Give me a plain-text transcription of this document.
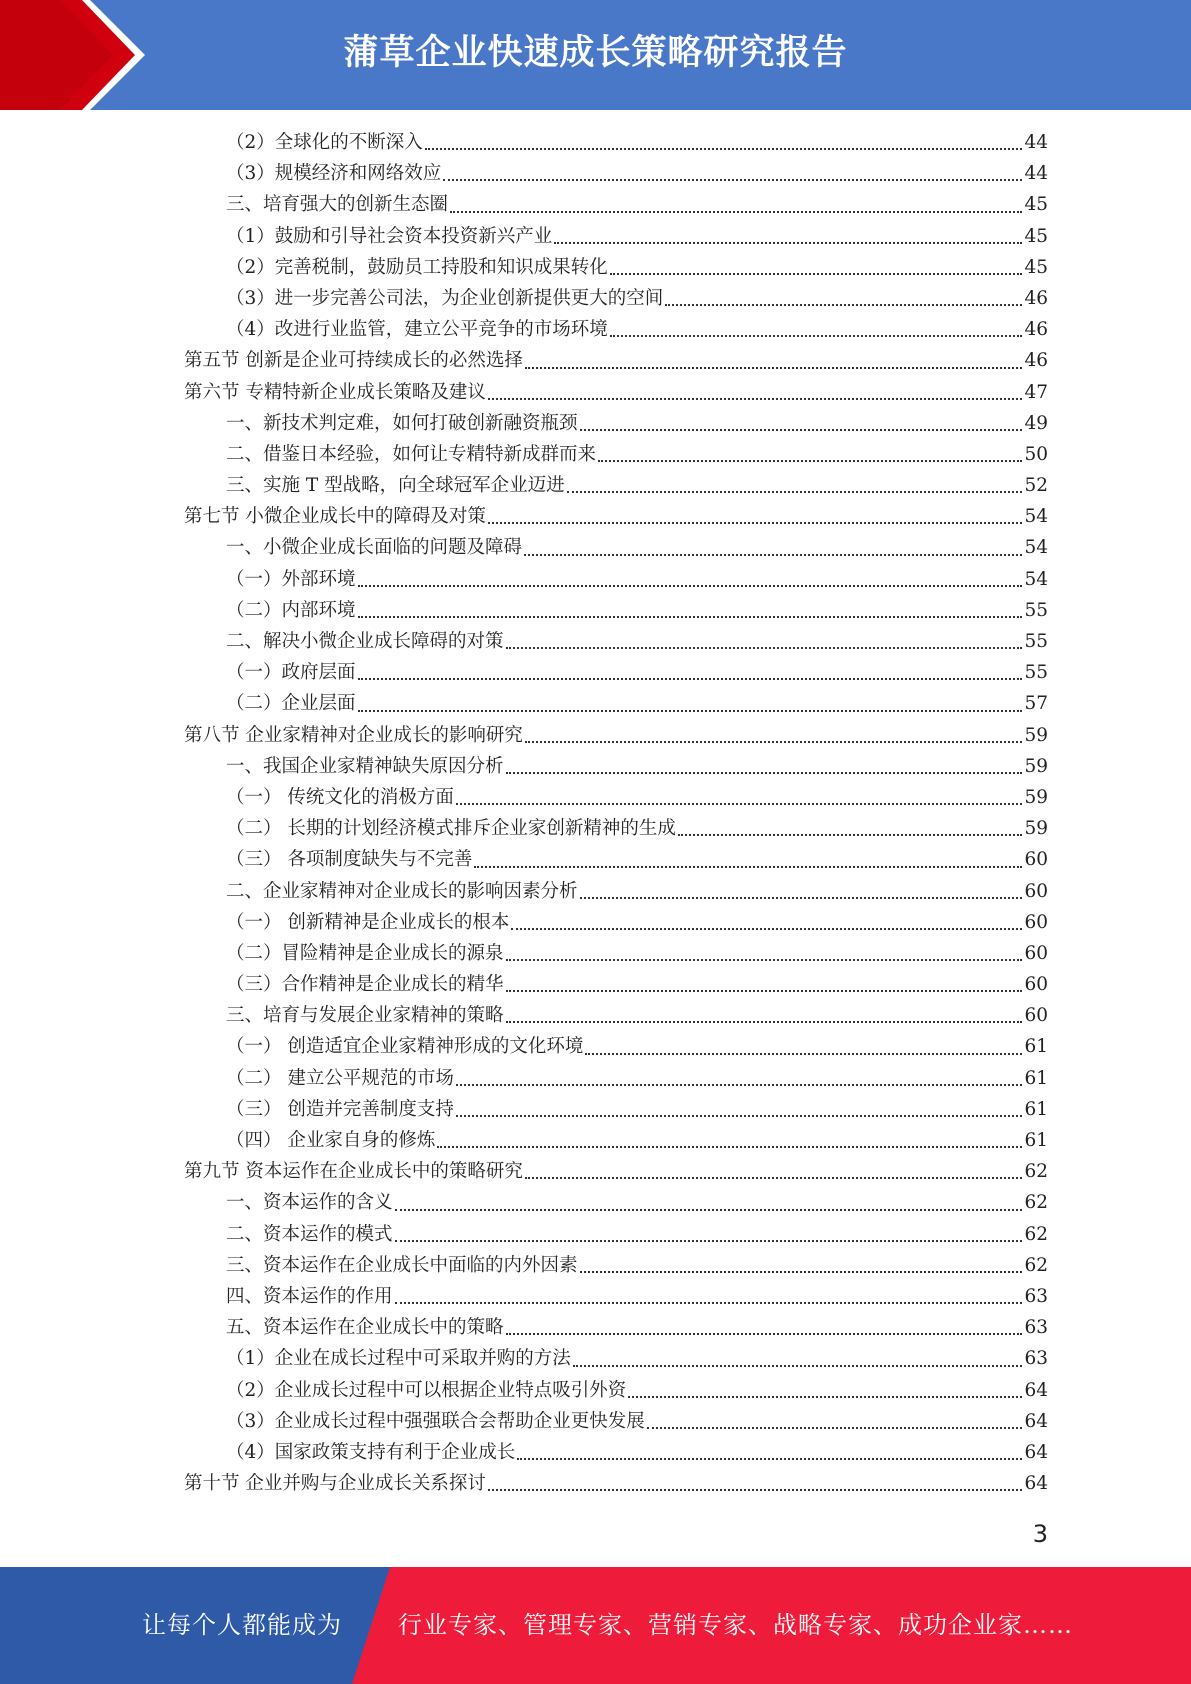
蒲草企业快速成长策略研究报告
（2）全球化的不断深入	44
（3）规模经济和网络效应	44
三、培育强大的创新生态圈	45
（1）鼓励和引导社会资本投资新兴产业	45
（2）完善税制，鼓励员工持股和知识成果转化	45
（3）进一步完善公司法，为企业创新提供更大的空间	46
（4）改进行业监管，建立公平竞争的市场环境	46
第五节 创新是企业可持续成长的必然选择	46
第六节 专精特新企业成长策略及建议	47
一、新技术判定难，如何打破创新融资瓶颈	49
二、借鉴日本经验，如何让专精特新成群而来	50
三、实施 T 型战略，向全球冠军企业迈进	52
第七节 小微企业成长中的障碍及对策	54
一、小微企业成长面临的问题及障碍	54
（一）外部环境	54
（二）内部环境	55
二、解决小微企业成长障碍的对策	55
（一）政府层面	55
（二）企业层面	57
第八节 企业家精神对企业成长的影响研究	59
一、我国企业家精神缺失原因分析	59
（一） 传统文化的消极方面	59
（二） 长期的计划经济模式排斥企业家创新精神的生成	59
（三） 各项制度缺失与不完善	60
二、企业家精神对企业成长的影响因素分析	60
（一） 创新精神是企业成长的根本	60
（二）冒险精神是企业成长的源泉	60
（三）合作精神是企业成长的精华	60
三、培育与发展企业家精神的策略	60
（一） 创造适宜企业家精神形成的文化环境	61
（二） 建立公平规范的市场	61
（三） 创造并完善制度支持	61
（四） 企业家自身的修炼	61
第九节 资本运作在企业成长中的策略研究	62
一、资本运作的含义	62
二、资本运作的模式	62
三、资本运作在企业成长中面临的内外因素	62
四、资本运作的作用	63
五、资本运作在企业成长中的策略	63
（1）企业在成长过程中可采取并购的方法	63
（2）企业成长过程中可以根据企业特点吸引外资	64
（3）企业成长过程中强强联合会帮助企业更快发展	64
（4）国家政策支持有利于企业成长	64
第十节 企业并购与企业成长关系探讨	64
3
让每个人都能成为 行业专家、管理专家、营销专家、战略专家、成功企业家……
